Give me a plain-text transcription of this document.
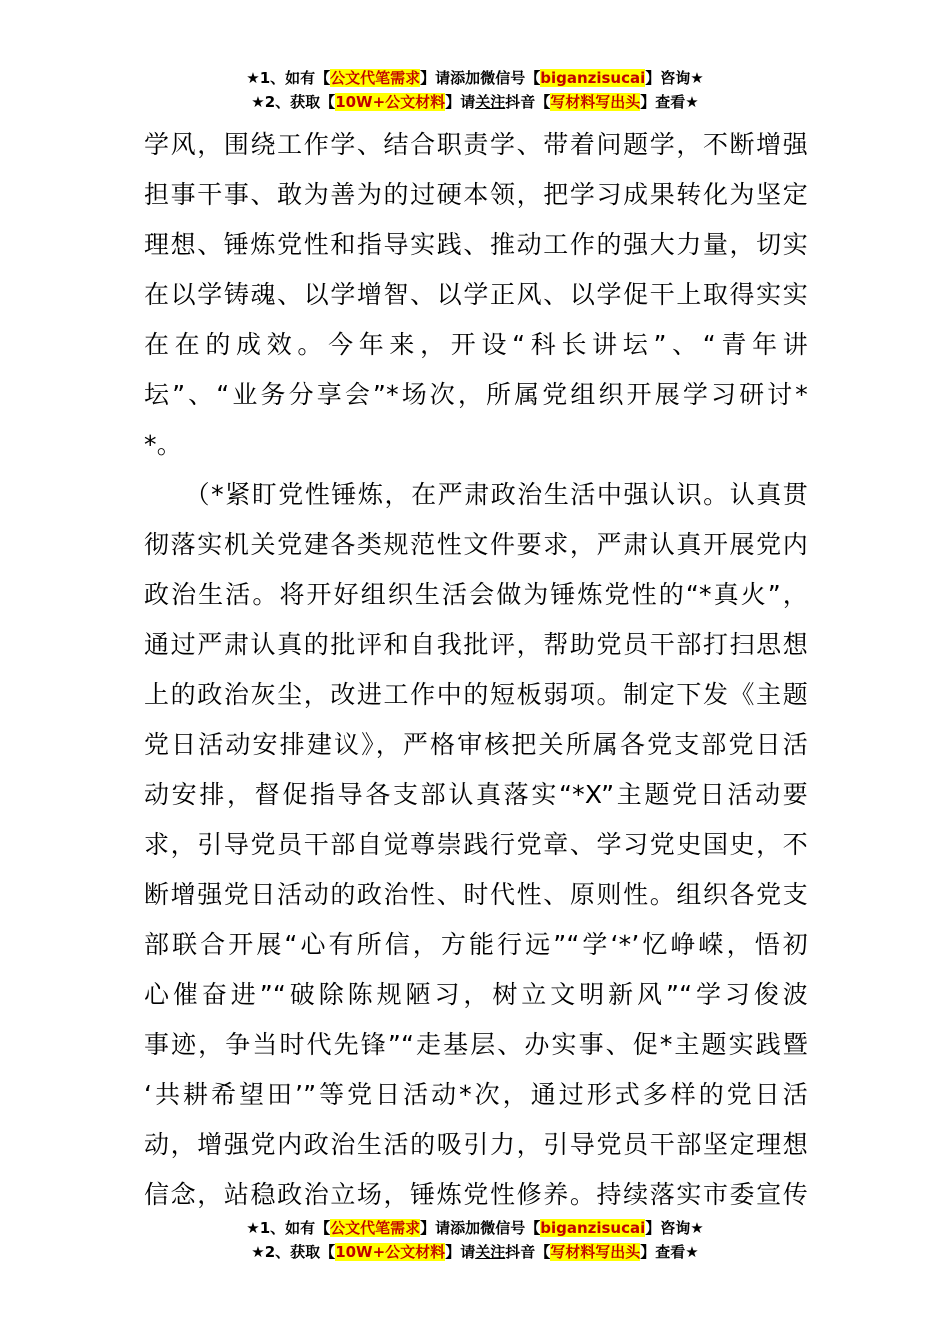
★1、如有【公文代笔需求】请添加微信号【biganzisucai】咨询★
★2、获取【10W+公文材料】请关注抖音【写材料写出头】查看★
学风，围绕工作学、结合职责学、带着问题学，不断增强
担事干事、敢为善为的过硬本领，把学习成果转化为坚定
理想、锤炼党性和指导实践、推动工作的强大力量，切实
在以学铸魂、以学增智、以学正风、以学促干上取得实实
在在的成效。今年来，开设“科长讲坛”、“青年讲
坛”、“业务分享会”*场次，所属党组织开展学习研讨*
*。
　　（*紧盯党性锤炼，在严肃政治生活中强认识。认真贯
彻落实机关党建各类规范性文件要求，严肃认真开展党内
政治生活。将开好组织生活会做为锤炼党性的“*真火”，
通过严肃认真的批评和自我批评，帮助党员干部打扫思想
上的政治灰尘，改进工作中的短板弱项。制定下发《主题
党日活动安排建议》，严格审核把关所属各党支部党日活
动安排，督促指导各支部认真落实“*X”主题党日活动要
求，引导党员干部自觉尊崇践行党章、学习党史国史，不
断增强党日活动的政治性、时代性、原则性。组织各党支
部联合开展“心有所信，方能行远”“学‘*’忆峥嵘，悟初
心催奋进”“破除陈规陋习，树立文明新风”“学习俊波
事迹，争当时代先锋”“走基层、办实事、促*主题实践暨
‘共耕希望田’”等党日活动*次，通过形式多样的党日活
动，增强党内政治生活的吸引力，引导党员干部坚定理想
信念，站稳政治立场，锤炼党性修养。持续落实市委宣传
★1、如有【公文代笔需求】请添加微信号【biganzisucai】咨询★
★2、获取【10W+公文材料】请关注抖音【写材料写出头】查看★
